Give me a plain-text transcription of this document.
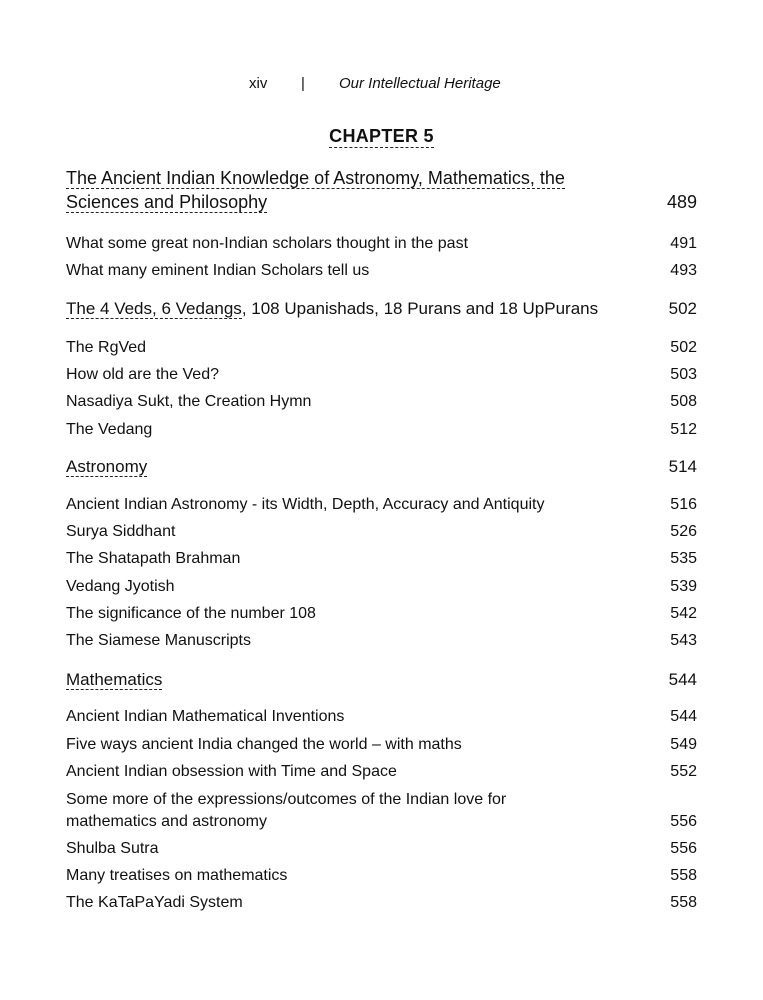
xiv | Our Intellectual Heritage
CHAPTER 5
The Ancient Indian Knowledge of Astronomy, Mathematics, the
Sciences and Philosophy	489
What some great non-Indian scholars thought in the past	491
What many eminent Indian Scholars tell us	493
The 4 Veds, 6 Vedangs, 108 Upanishads, 18 Purans and 18 UpPurans	502
The RgVed	502
How old are the Ved?	503
Nasadiya Sukt, the Creation Hymn	508
The Vedang	512
Astronomy	514
Ancient Indian Astronomy - its Width, Depth, Accuracy and Antiquity	516
Surya Siddhant	526
The Shatapath Brahman	535
Vedang Jyotish	539
The significance of the number 108	542
The Siamese Manuscripts	543
Mathematics	544
Ancient Indian Mathematical Inventions	544
Five ways ancient India changed the world – with maths	549
Ancient Indian obsession with Time and Space	552
Some more of the expressions/outcomes of the Indian love for
mathematics and astronomy	556
Shulba Sutra	556
Many treatises on mathematics	558
The KaTaPaYadi System	558
